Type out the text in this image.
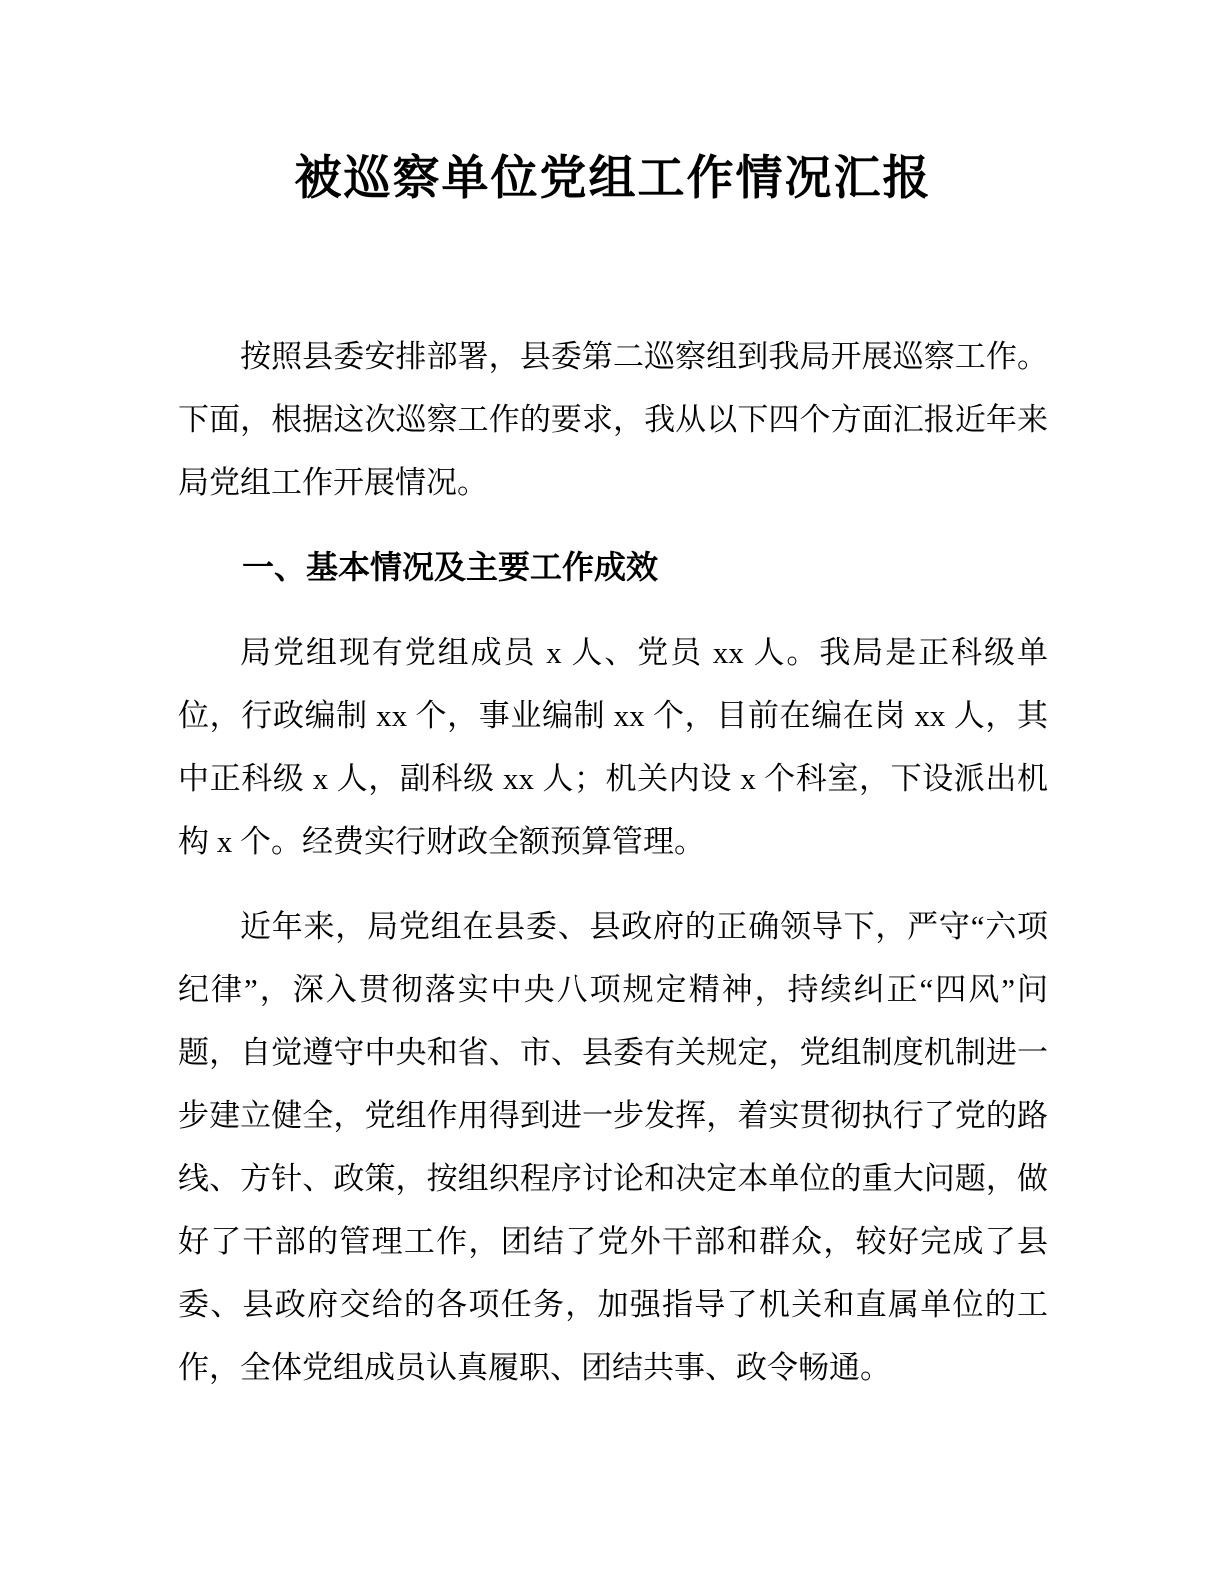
被巡察单位党组工作情况汇报

按照县委安排部署，县委第二巡察组到我局开展巡察工作。下面，根据这次巡察工作的要求，我从以下四个方面汇报近年来局党组工作开展情况。

一、基本情况及主要工作成效

局党组现有党组成员 x 人、党员 xx 人。我局是正科级单位，行政编制 xx 个，事业编制 xx 个，目前在编在岗 xx 人，其中正科级 x 人，副科级 xx 人；机关内设 x 个科室，下设派出机构 x 个。经费实行财政全额预算管理。

近年来，局党组在县委、县政府的正确领导下，严守“六项纪律”，深入贯彻落实中央八项规定精神，持续纠正“四风”问题，自觉遵守中央和省、市、县委有关规定，党组制度机制进一步建立健全，党组作用得到进一步发挥，着实贯彻执行了党的路线、方针、政策，按组织程序讨论和决定本单位的重大问题，做好了干部的管理工作，团结了党外干部和群众，较好完成了县委、县政府交给的各项任务，加强指导了机关和直属单位的工作，全体党组成员认真履职、团结共事、政令畅通。
